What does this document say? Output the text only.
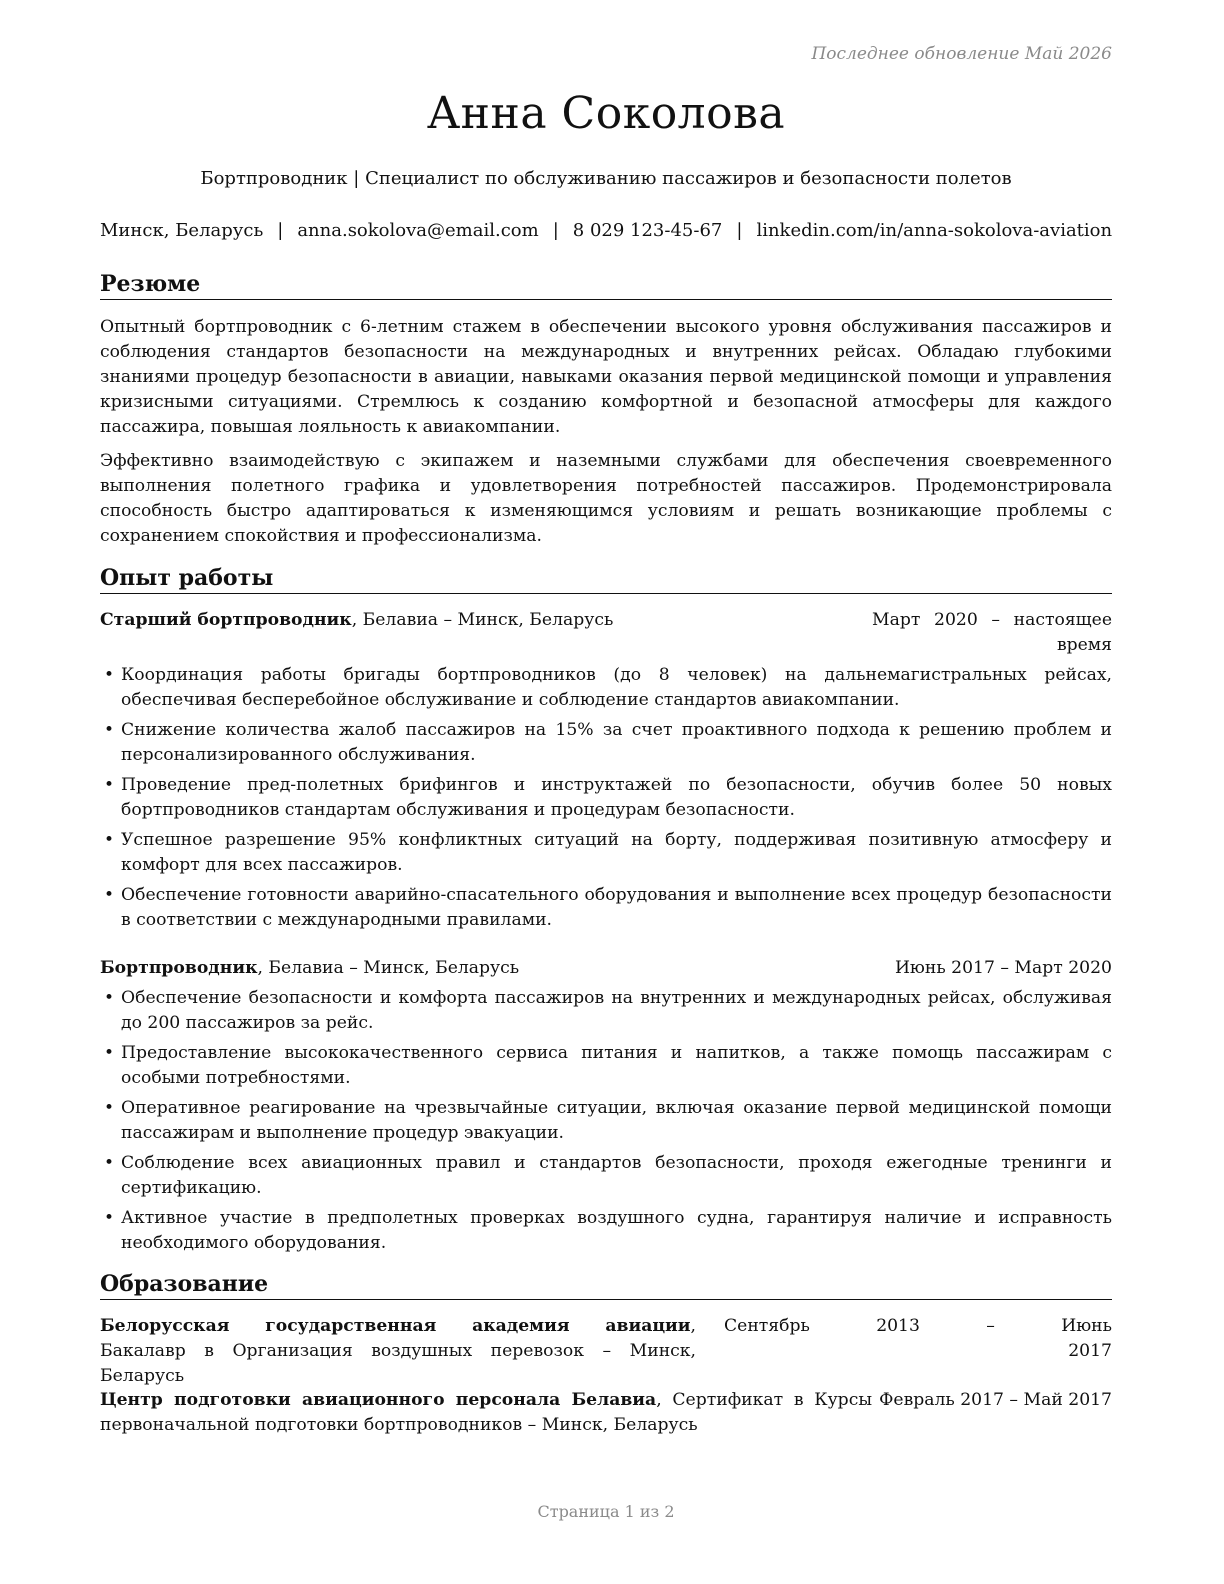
Последнее обновление Май 2026
Анна Соколова
Бортпроводник | Специалист по обслуживанию пассажиров и безопасности полетов
Минск, Беларусь | anna.sokolova@email.com | 8 029 123-45-67 | linkedin.com/in/anna-sokolova-aviation
Резюме

Опытный бортпроводник с 6-летним стажем в обеспечении высокого уровня обслуживания пассажиров и соблюдения стандартов безопасности на международных и внутренних рейсах. Обладаю глубокими знаниями процедур безопасности в авиации, навыками оказания первой медицинской помощи и управления кризисными ситуациями. Стремлюсь к созданию комфортной и безопасной атмосферы для каждого пассажира, повышая лояльность к авиакомпании.

Эффективно взаимодействую с экипажем и наземными службами для обеспечения своевременного выполнения полетного графика и удовлетворения потребностей пассажиров. Продемонстрировала способность быстро адаптироваться к изменяющимся условиям и решать возникающие проблемы с сохранением спокойствия и профессионализма.

Опыт работы
Старший бортпроводник, Белавиа – Минск, Беларусь	Март 2020 – настоящее
время
• Координация работы бригады бортпроводников (до 8 человек) на дальнемагистральных рейсах, обеспечивая бесперебойное обслуживание и соблюдение стандартов авиакомпании.
• Снижение количества жалоб пассажиров на 15% за счет проактивного подхода к решению проблем и персонализированного обслуживания.
• Проведение пред-полетных брифингов и инструктажей по безопасности, обучив более 50 новых бортпроводников стандартам обслуживания и процедурам безопасности.
• Успешное разрешение 95% конфликтных ситуаций на борту, поддерживая позитивную атмосферу и комфорт для всех пассажиров.
• Обеспечение готовности аварийно-спасательного оборудования и выполнение всех процедур безопасности в соответствии с международными правилами.
Бортпроводник, Белавиа – Минск, Беларусь	Июнь 2017 – Март 2020
• Обеспечение безопасности и комфорта пассажиров на внутренних и международных рейсах, обслуживая до 200 пассажиров за рейс.
• Предоставление высококачественного сервиса питания и напитков, а также помощь пассажирам с особыми потребностями.
• Оперативное реагирование на чрезвычайные ситуации, включая оказание первой медицинской помощи пассажирам и выполнение процедур эвакуации.
• Соблюдение всех авиационных правил и стандартов безопасности, проходя ежегодные тренинги и сертификацию.
• Активное участие в предполетных проверках воздушного судна, гарантируя наличие и исправность необходимого оборудования.
Образование
Белорусская государственная академия авиации, Бакалавр в Организация воздушных перевозок – Минск, Беларусь
Сентябрь 2013 – Июнь
2017
Центр подготовки авиационного персонала Белавиа, Сертификат в Курсы первоначальной подготовки бортпроводников – Минск, Беларусь
Февраль 2017 – Май 2017
Страница 1 из 2
